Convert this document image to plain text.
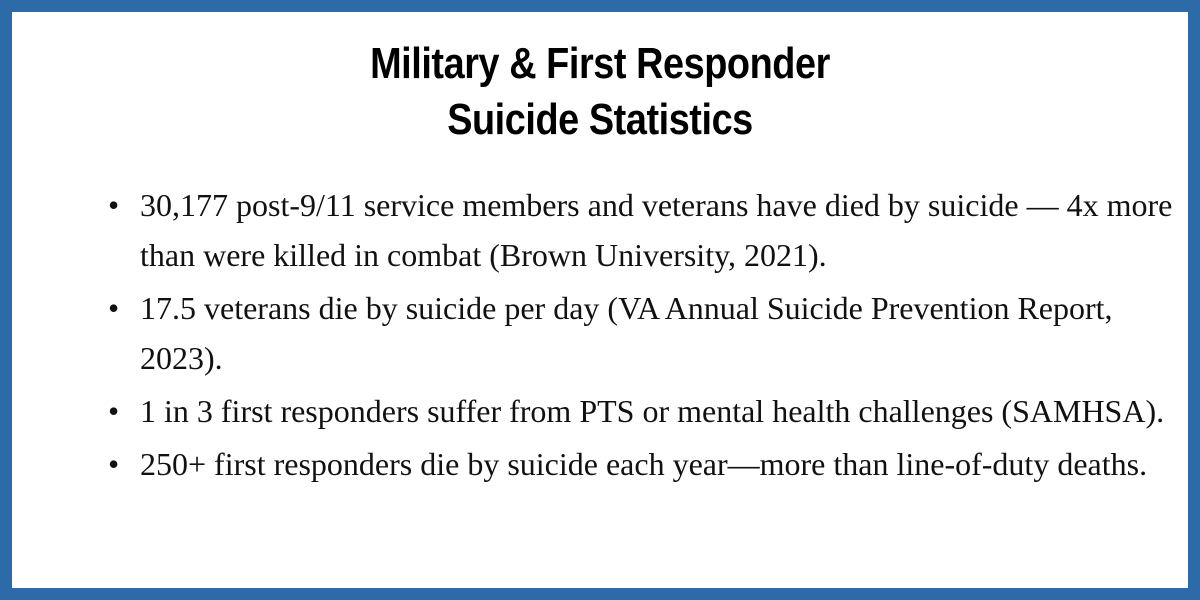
Military & First Responder
Suicide Statistics
• 30,177 post-9/11 service members and veterans have died by suicide — 4x more than were killed in combat (Brown University, 2021).
• 17.5 veterans die by suicide per day (VA Annual Suicide Prevention Report, 2023).
• 1 in 3 first responders suffer from PTS or mental health challenges (SAMHSA).
• 250+ first responders die by suicide each year—more than line-of-duty deaths.
